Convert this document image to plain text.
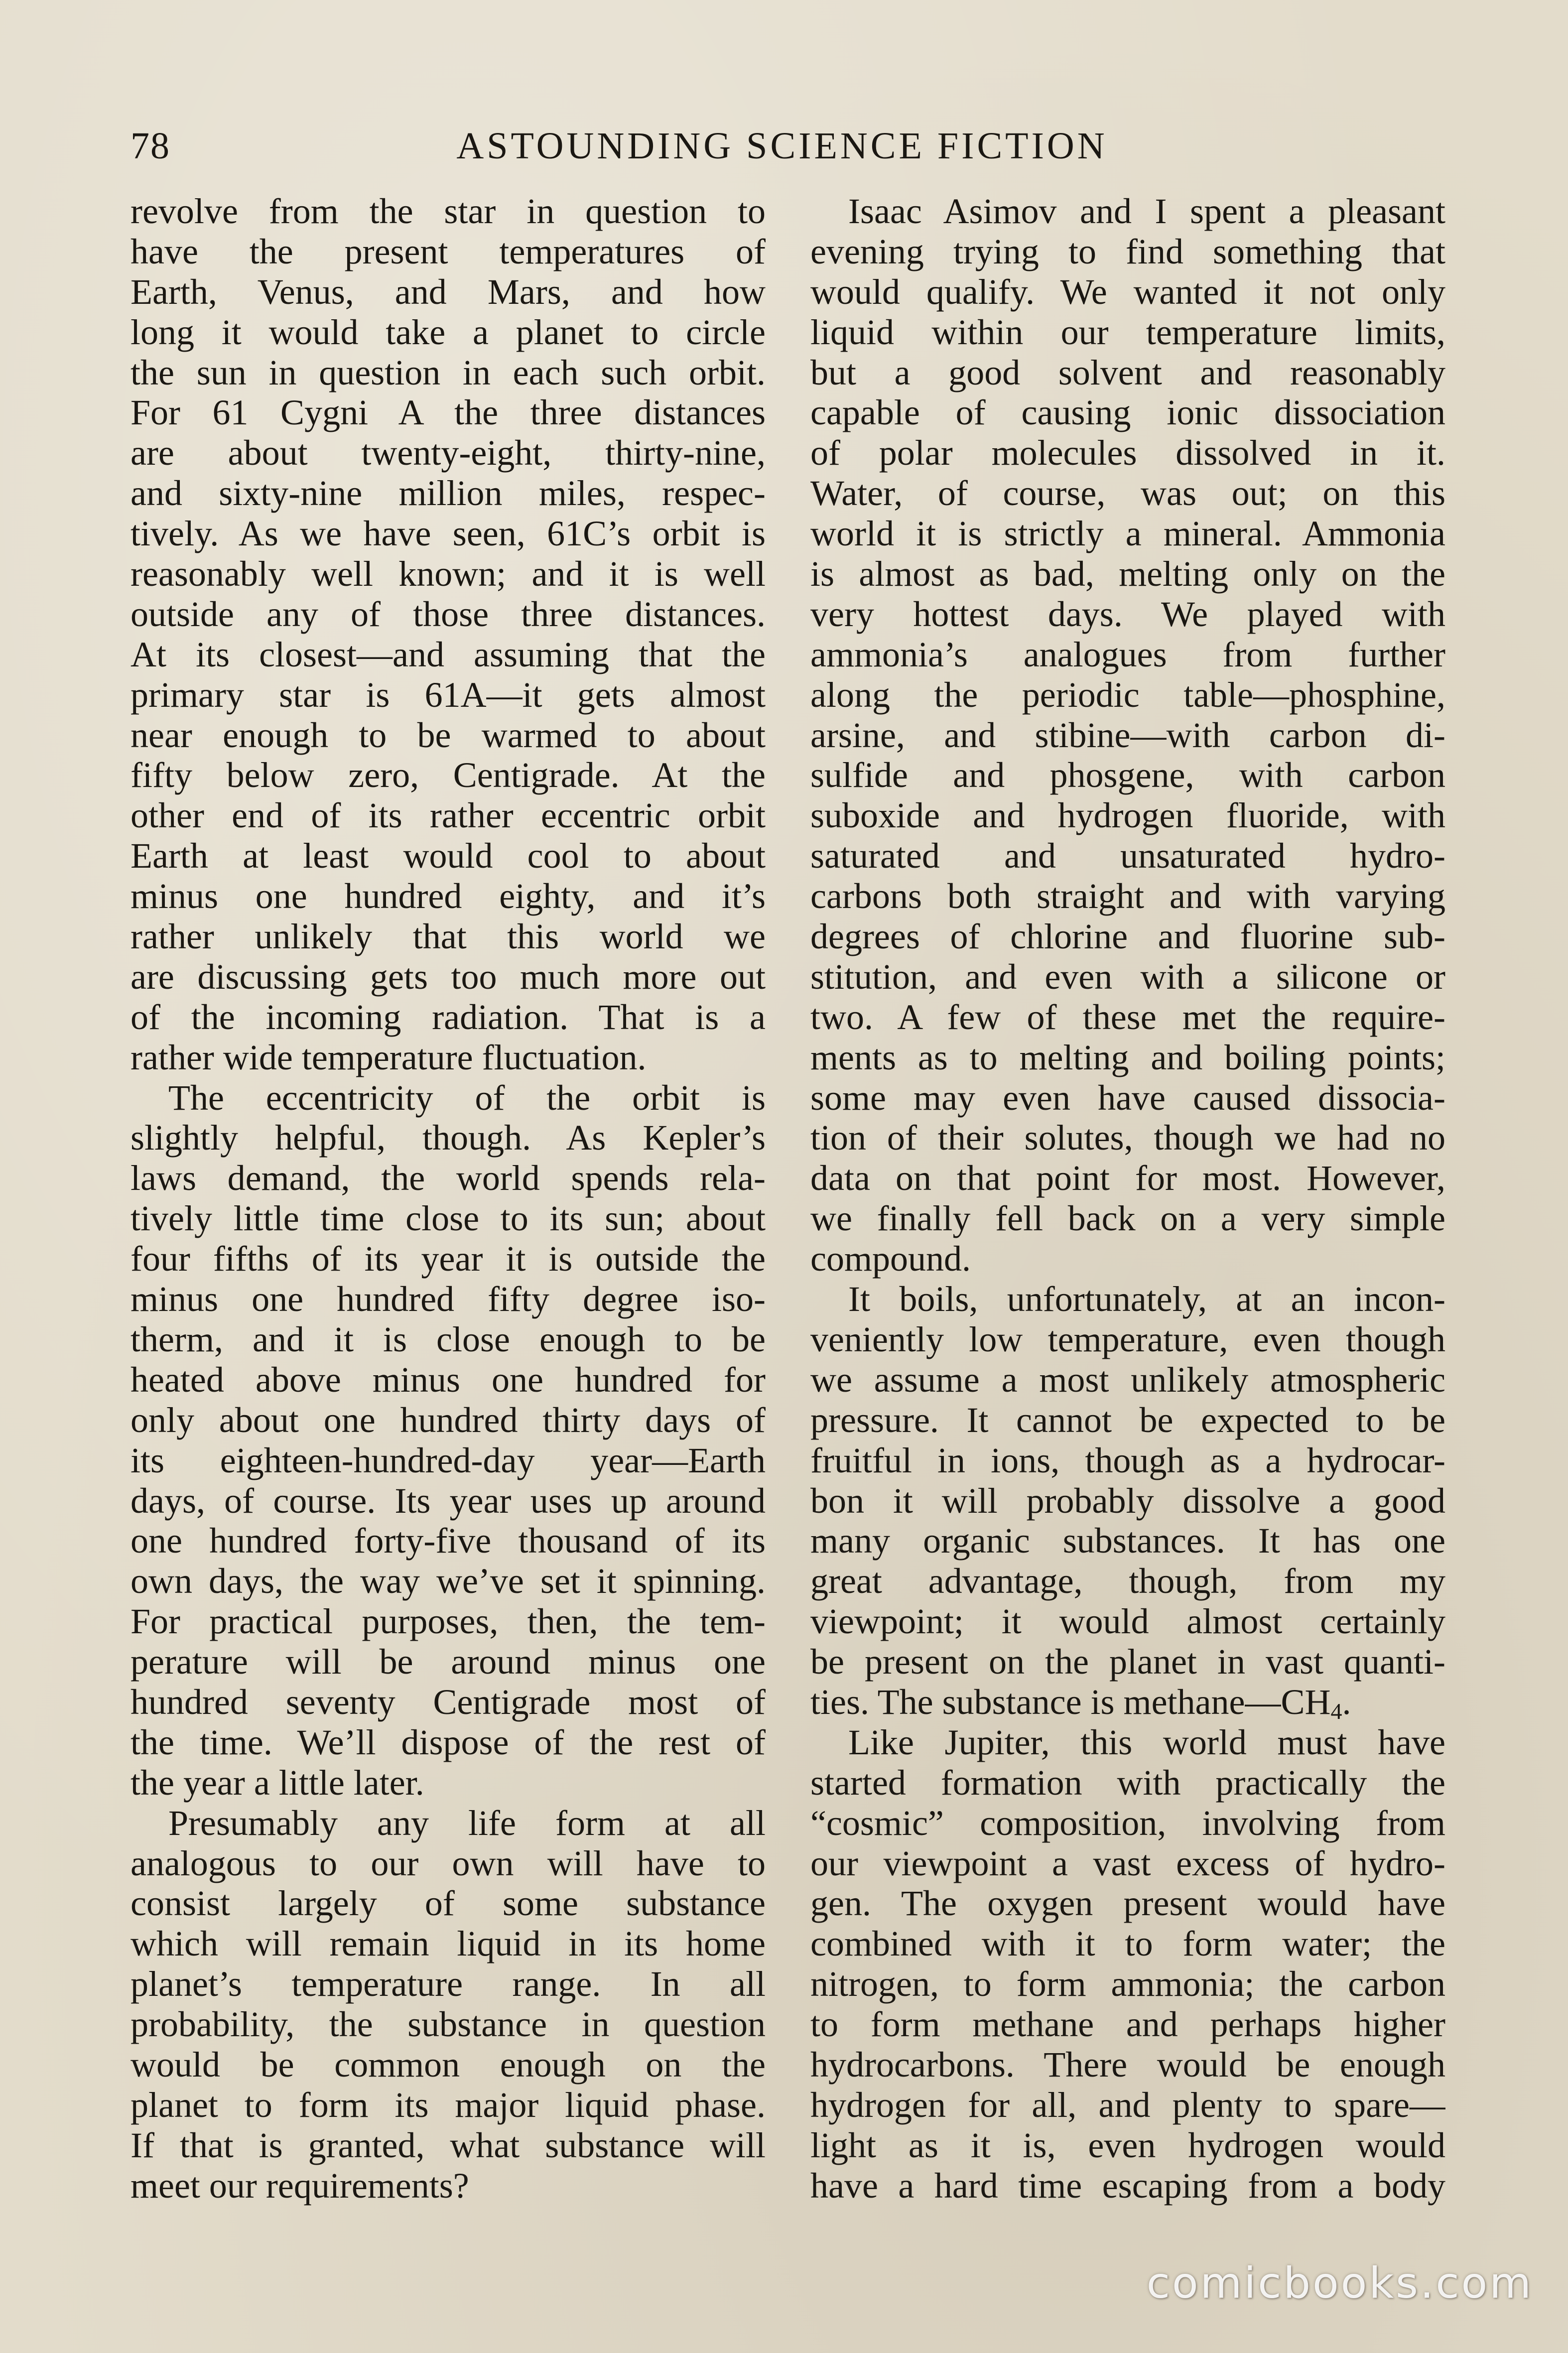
78	ASTOUNDING SCIENCE FICTION
revolve from the star in question to
have the present temperatures of
Earth, Venus, and Mars, and how
long it would take a planet to circle
the sun in question in each such orbit.
For 61 Cygni A the three distances
are about twenty-eight, thirty-nine,
and sixty-nine million miles, respec-
tively. As we have seen, 61C’s orbit is
reasonably well known; and it is well
outside any of those three distances.
At its closest—and assuming that the
primary star is 61A—it gets almost
near enough to be warmed to about
fifty below zero, Centigrade. At the
other end of its rather eccentric orbit
Earth at least would cool to about
minus one hundred eighty, and it’s
rather unlikely that this world we
are discussing gets too much more out
of the incoming radiation. That is a
rather wide temperature fluctuation.
The eccentricity of the orbit is
slightly helpful, though. As Kepler’s
laws demand, the world spends rela-
tively little time close to its sun; about
four fifths of its year it is outside the
minus one hundred fifty degree iso-
therm, and it is close enough to be
heated above minus one hundred for
only about one hundred thirty days of
its eighteen-hundred-day year—Earth
days, of course. Its year uses up around
one hundred forty-five thousand of its
own days, the way we’ve set it spinning.
For practical purposes, then, the tem-
perature will be around minus one
hundred seventy Centigrade most of
the time. We’ll dispose of the rest of
the year a little later.
Presumably any life form at all
analogous to our own will have to
consist largely of some substance
which will remain liquid in its home
planet’s temperature range. In all
probability, the substance in question
would be common enough on the
planet to form its major liquid phase.
If that is granted, what substance will
meet our requirements?
Isaac Asimov and I spent a pleasant
evening trying to find something that
would qualify. We wanted it not only
liquid within our temperature limits,
but a good solvent and reasonably
capable of causing ionic dissociation
of polar molecules dissolved in it.
Water, of course, was out; on this
world it is strictly a mineral. Ammonia
is almost as bad, melting only on the
very hottest days. We played with
ammonia’s analogues from further
along the periodic table—phosphine,
arsine, and stibine—with carbon di-
sulfide and phosgene, with carbon
suboxide and hydrogen fluoride, with
saturated and unsaturated hydro-
carbons both straight and with varying
degrees of chlorine and fluorine sub-
stitution, and even with a silicone or
two. A few of these met the require-
ments as to melting and boiling points;
some may even have caused dissocia-
tion of their solutes, though we had no
data on that point for most. However,
we finally fell back on a very simple
compound.
It boils, unfortunately, at an incon-
veniently low temperature, even though
we assume a most unlikely atmospheric
pressure. It cannot be expected to be
fruitful in ions, though as a hydrocar-
bon it will probably dissolve a good
many organic substances. It has one
great advantage, though, from my
viewpoint; it would almost certainly
be present on the planet in vast quanti-
ties. The substance is $methane—CH_4$.
Like Jupiter, this world must have
started formation with practically the
“cosmic” composition, involving from
our viewpoint a vast excess of hydro-
gen. The oxygen present would have
combined with it to form water; the
nitrogen, to form ammonia; the carbon
to form methane and perhaps higher
hydrocarbons. There would be enough
hydrogen for all, and plenty to spare—
light as it is, even hydrogen would
have a hard time escaping from a body
comicbooks.com
